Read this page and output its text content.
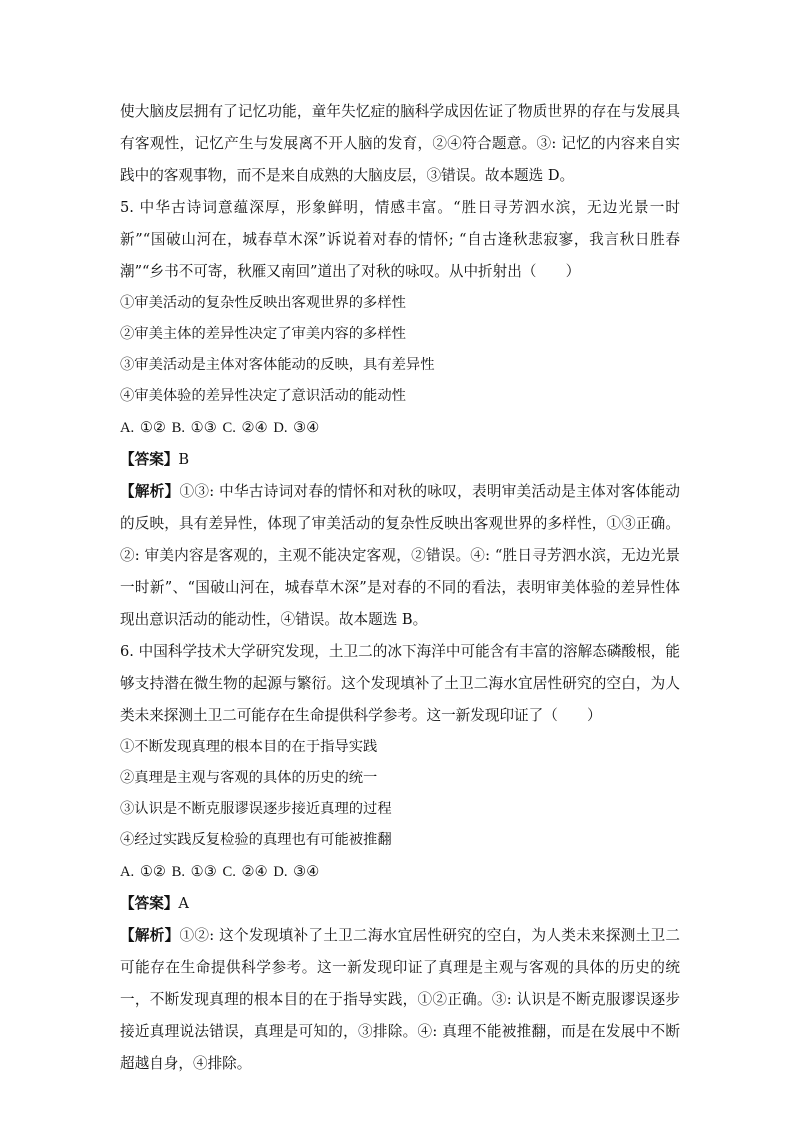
使大脑皮层拥有了记忆功能，童年失忆症的脑科学成因佐证了物质世界的存在与发展具有客观性，记忆产生与发展离不开人脑的发育，②④符合题意。③: 记忆的内容来自实践中的客观事物，而不是来自成熟的大脑皮层，③错误。故本题选 D。

5. 中华古诗词意蕴深厚，形象鲜明，情感丰富。“胜日寻芳泗水滨，无边光景一时新”“国破山河在，城春草木深”诉说着对春的情怀; “自古逢秋悲寂寥，我言秋日胜春潮”“乡书不可寄，秋雁又南回”道出了对秋的咏叹。从中折射出（　　）

①审美活动的复杂性反映出客观世界的多样性

②审美主体的差异性决定了审美内容的多样性

③审美活动是主体对客体能动的反映，具有差异性

④审美体验的差异性决定了意识活动的能动性

A. ①② B. ①③ C. ②④ D. ③④

【答案】B

【解析】①③: 中华古诗词对春的情怀和对秋的咏叹，表明审美活动是主体对客体能动的反映，具有差异性，体现了审美活动的复杂性反映出客观世界的多样性，①③正确。②: 审美内容是客观的，主观不能决定客观，②错误。④: “胜日寻芳泗水滨，无边光景一时新”、“国破山河在，城春草木深”是对春的不同的看法，表明审美体验的差异性体现出意识活动的能动性，④错误。故本题选 B。

6. 中国科学技术大学研究发现，土卫二的冰下海洋中可能含有丰富的溶解态磷酸根，能够支持潜在微生物的起源与繁衍。这个发现填补了土卫二海水宜居性研究的空白，为人类未来探测土卫二可能存在生命提供科学参考。这一新发现印证了（　　）

①不断发现真理的根本目的在于指导实践

②真理是主观与客观的具体的历史的统一

③认识是不断克服谬误逐步接近真理的过程

④经过实践反复检验的真理也有可能被推翻

A. ①② B. ①③ C. ②④ D. ③④

【答案】A

【解析】①②: 这个发现填补了土卫二海水宜居性研究的空白，为人类未来探测土卫二可能存在生命提供科学参考。这一新发现印证了真理是主观与客观的具体的历史的统一，不断发现真理的根本目的在于指导实践，①②正确。③: 认识是不断克服谬误逐步接近真理说法错误，真理是可知的，③排除。④: 真理不能被推翻，而是在发展中不断超越自身，④排除。
